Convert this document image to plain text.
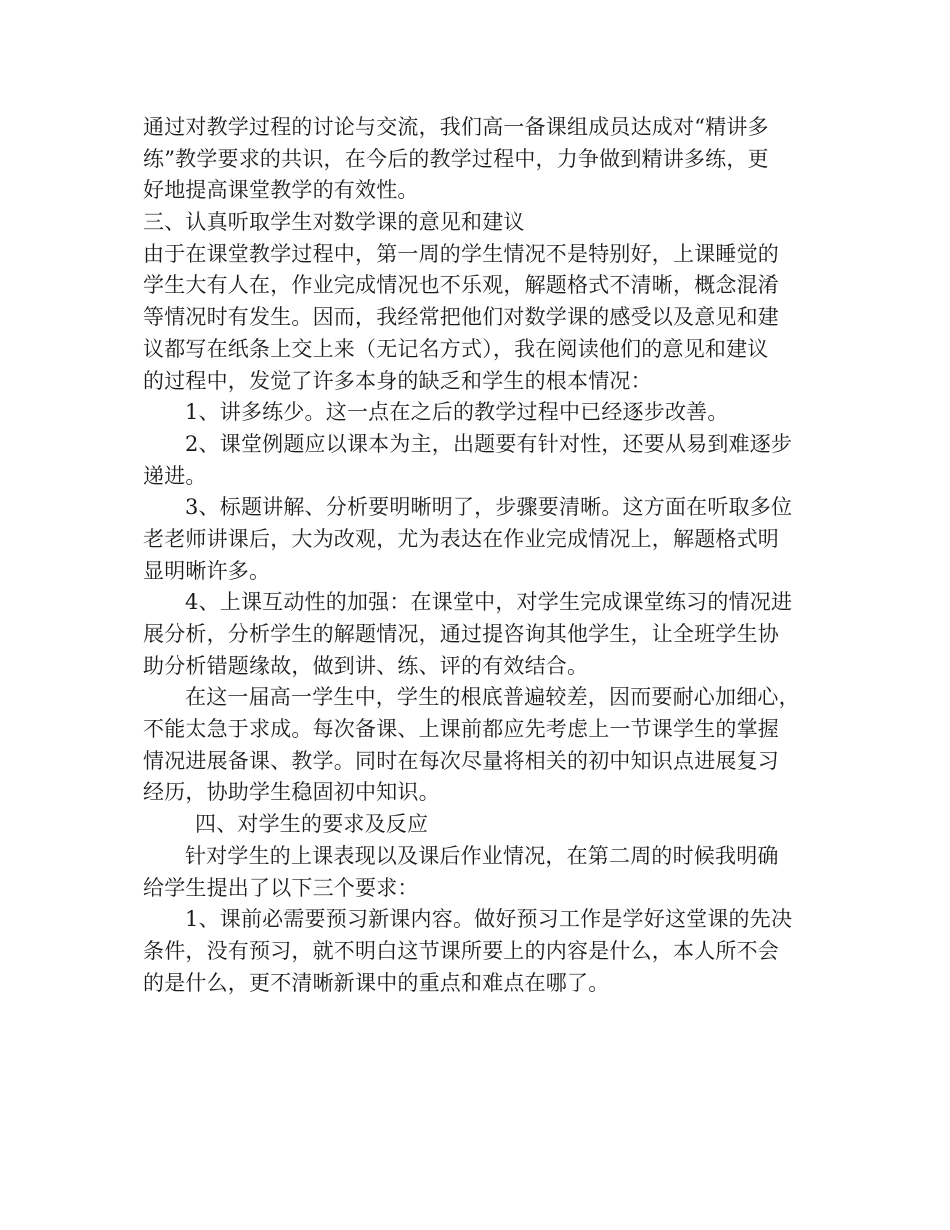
通过对教学过程的讨论与交流，我们高一备课组成员达成对“精讲多
练”教学要求的共识，在今后的教学过程中，力争做到精讲多练，更
好地提高课堂教学的有效性。
三、认真听取学生对数学课的意见和建议
由于在课堂教学过程中，第一周的学生情况不是特别好，上课睡觉的
学生大有人在，作业完成情况也不乐观，解题格式不清晰，概念混淆
等情况时有发生。因而，我经常把他们对数学课的感受以及意见和建
议都写在纸条上交上来（无记名方式），我在阅读他们的意见和建议
的过程中，发觉了许多本身的缺乏和学生的根本情况：
1、讲多练少。这一点在之后的教学过程中已经逐步改善。
2、课堂例题应以课本为主，出题要有针对性，还要从易到难逐步
递进。
3、标题讲解、分析要明晰明了，步骤要清晰。这方面在听取多位
老老师讲课后，大为改观，尤为表达在作业完成情况上，解题格式明
显明晰许多。
4、上课互动性的加强：在课堂中，对学生完成课堂练习的情况进
展分析，分析学生的解题情况，通过提咨询其他学生，让全班学生协
助分析错题缘故，做到讲、练、评的有效结合。
在这一届高一学生中，学生的根底普遍较差，因而要耐心加细心，
不能太急于求成。每次备课、上课前都应先考虑上一节课学生的掌握
情况进展备课、教学。同时在每次尽量将相关的初中知识点进展复习
经历，协助学生稳固初中知识。
四、对学生的要求及反应
针对学生的上课表现以及课后作业情况，在第二周的时候我明确
给学生提出了以下三个要求：
1、课前必需要预习新课内容。做好预习工作是学好这堂课的先决
条件，没有预习，就不明白这节课所要上的内容是什么，本人所不会
的是什么，更不清晰新课中的重点和难点在哪了。
